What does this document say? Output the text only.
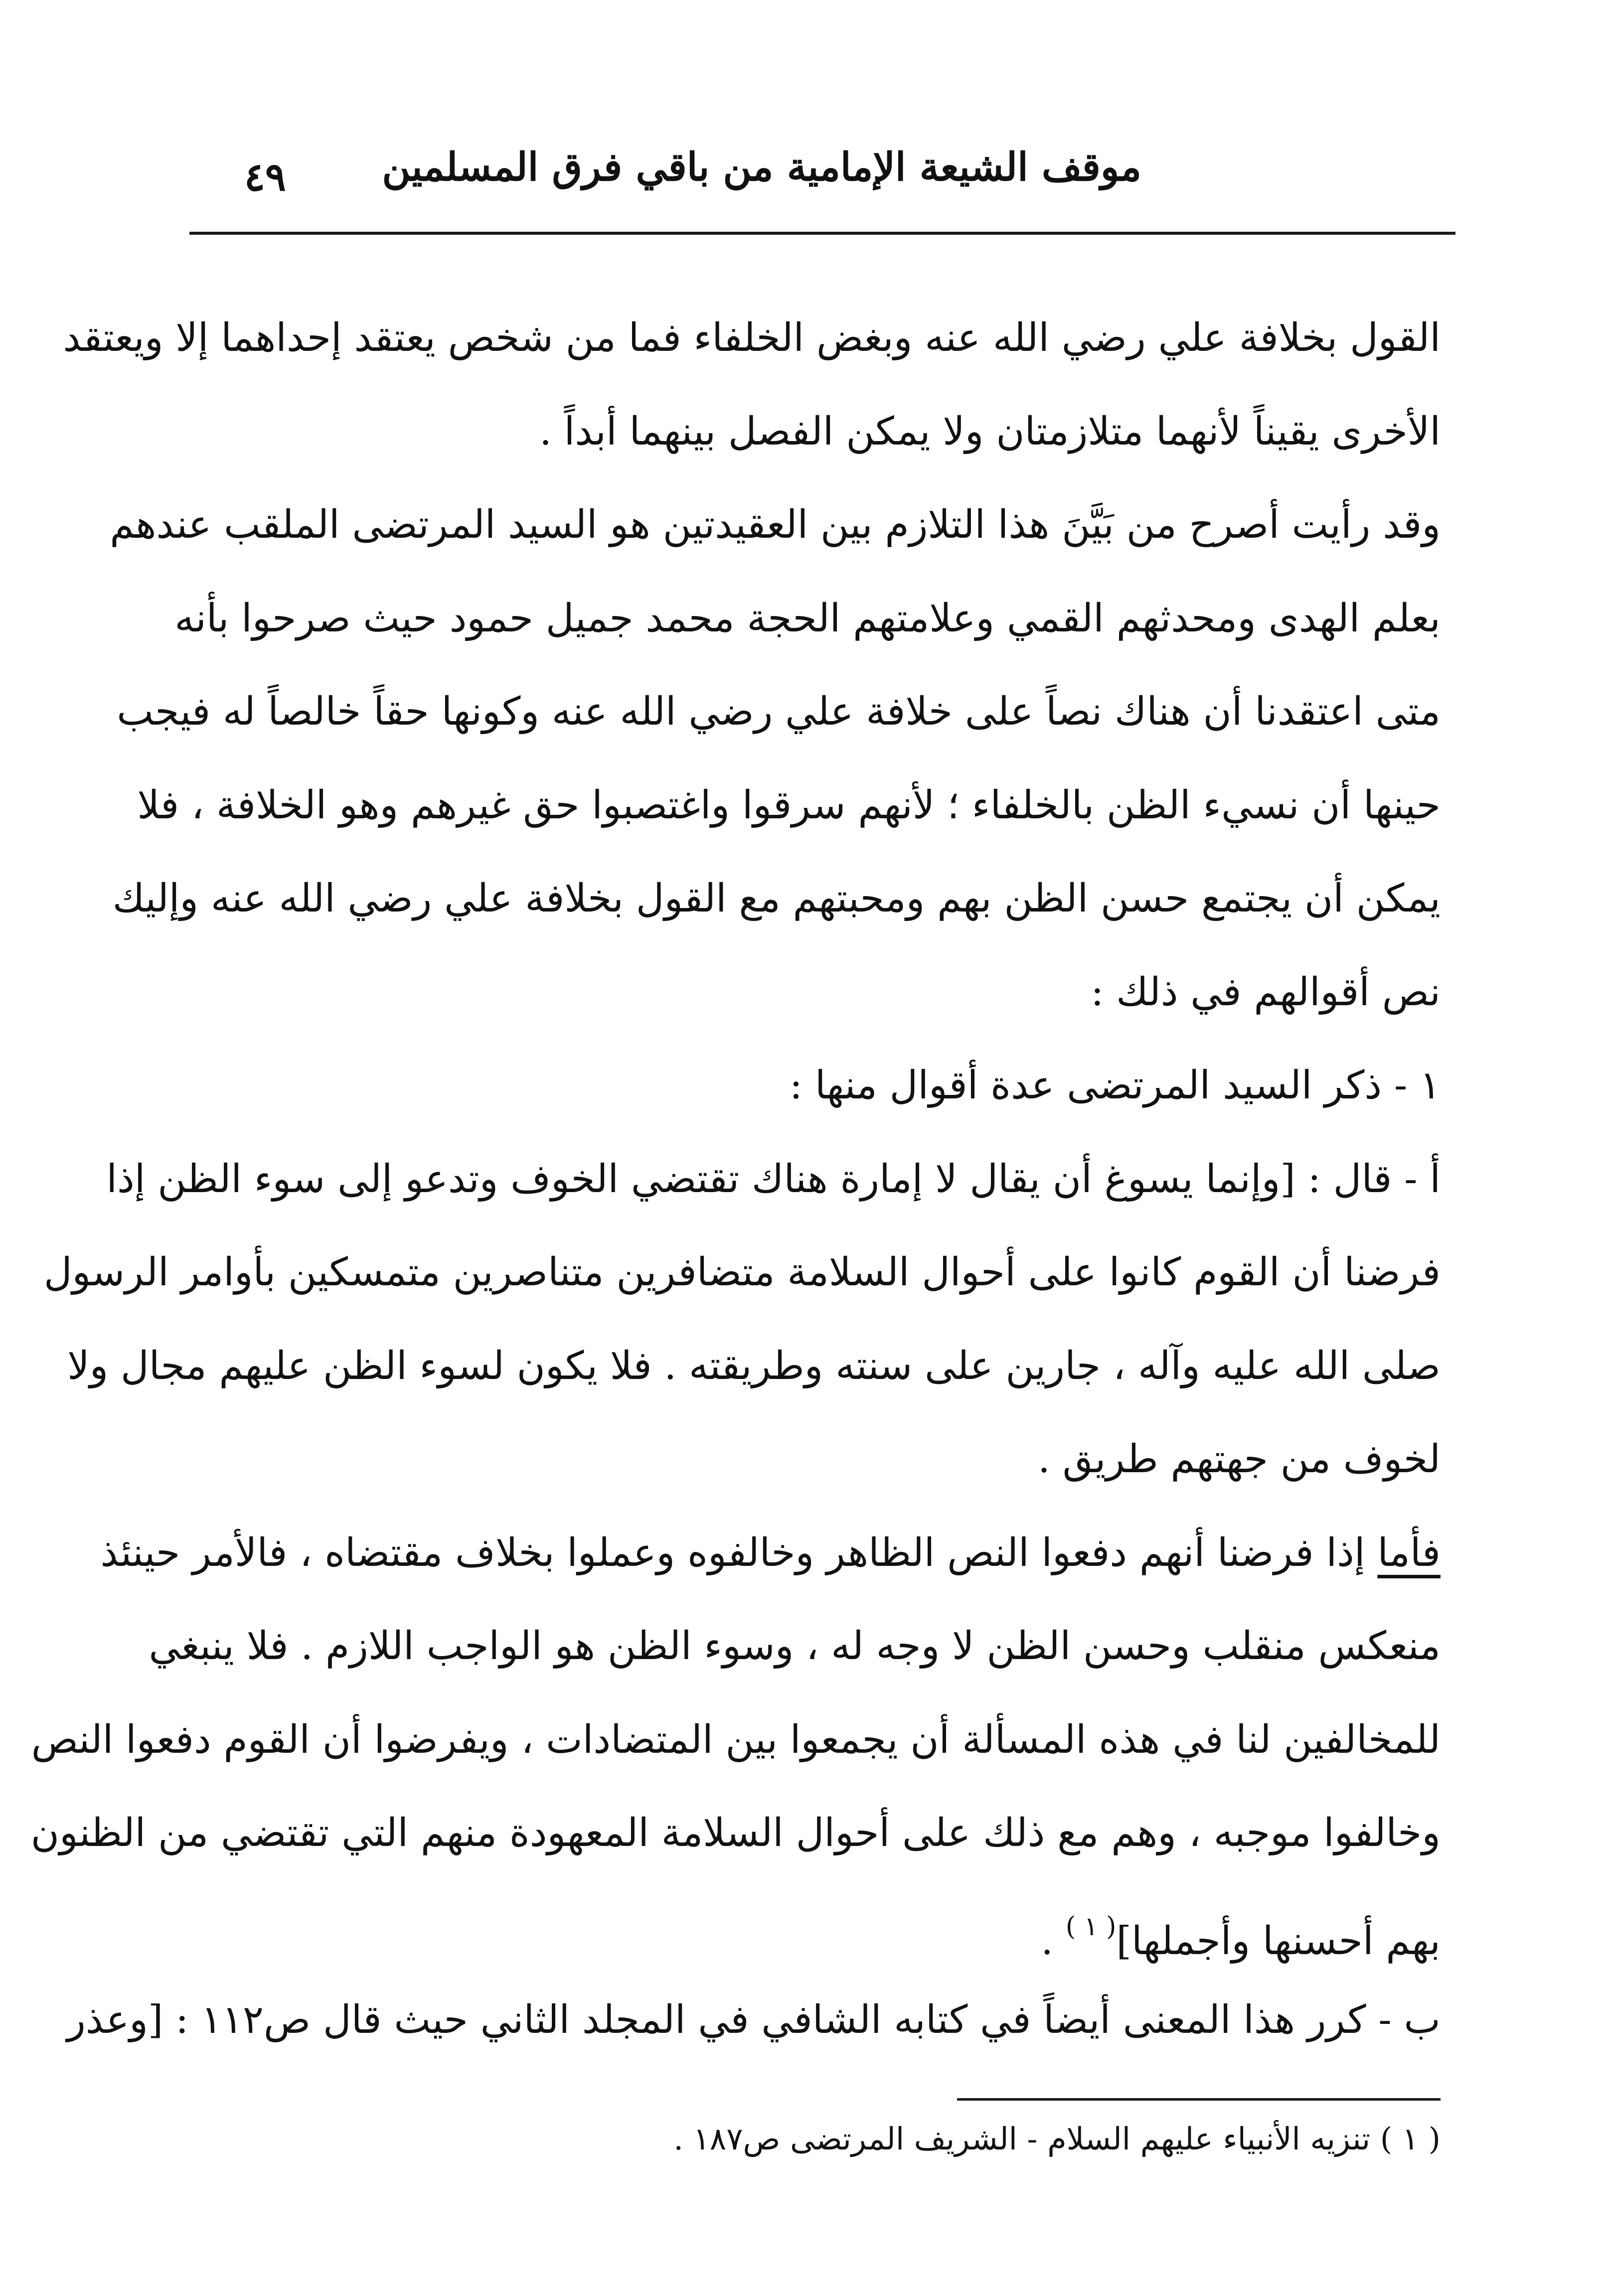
موقف الشيعة الإمامية من باقي فرق المسلمين
٤٩
القول بخلافة علي رضي الله عنه وبغض الخلفاء فما من شخص يعتقد إحداهما إلا ويعتقد
الأخرى يقيناً لأنهما متلازمتان ولا يمكن الفصل بينهما أبداً .
وقد رأيت أصرح من بَيَّنَ هذا التلازم بين العقيدتين هو السيد المرتضى الملقب عندهم
بعلم الهدى ومحدثهم القمي وعلامتهم الحجة محمد جميل حمود حيث صرحوا بأنه
متى اعتقدنا أن هناك نصاً على خلافة علي رضي الله عنه وكونها حقاً خالصاً له فيجب
حينها أن نسيء الظن بالخلفاء ؛ لأنهم سرقوا واغتصبوا حق غيرهم وهو الخلافة ، فلا
يمكن أن يجتمع حسن الظن بهم ومحبتهم مع القول بخلافة علي رضي الله عنه وإليك
نص أقوالهم في ذلك :
١ - ذكر السيد المرتضى عدة أقوال منها :
أ - قال : [وإنما يسوغ أن يقال لا إمارة هناك تقتضي الخوف وتدعو إلى سوء الظن إذا
فرضنا أن القوم كانوا على أحوال السلامة متضافرين متناصرين متمسكين بأوامر الرسول
صلى الله عليه وآله ، جارين على سنته وطريقته . فلا يكون لسوء الظن عليهم مجال ولا
لخوف من جهتهم طريق .
فأما إذا فرضنا أنهم دفعوا النص الظاهر وخالفوه وعملوا بخلاف مقتضاه ، فالأمر حينئذ
منعكس منقلب وحسن الظن لا وجه له ، وسوء الظن هو الواجب اللازم . فلا ينبغي
للمخالفين لنا في هذه المسألة أن يجمعوا بين المتضادات ، ويفرضوا أن القوم دفعوا النص
وخالفوا موجبه ، وهم مع ذلك على أحوال السلامة المعهودة منهم التي تقتضي من الظنون
بهم أحسنها وأجملها]$^{( ١ )}$ .
ب - كرر هذا المعنى أيضاً في كتابه الشافي في المجلد الثاني حيث قال ص١١٢ : [وعذر
( ١ ) تنزيه الأنبياء عليهم السلام - الشريف المرتضى ص١٨٧ .
